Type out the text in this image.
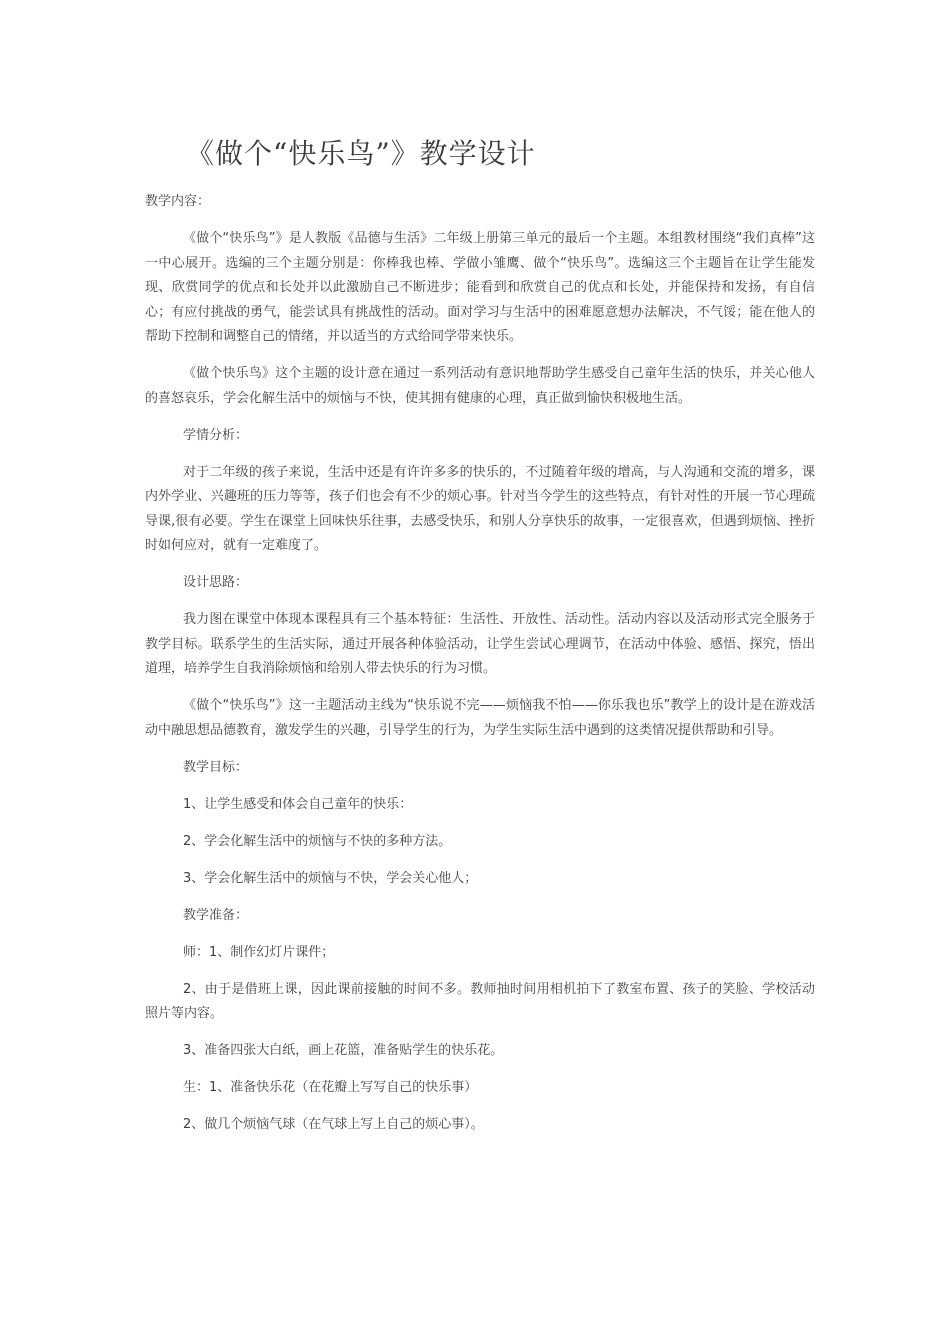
《做个“快乐鸟”》教学设计

教学内容：

《做个“快乐鸟”》是人教版《品德与生活》二年级上册第三单元的最后一个主题。本组教材围绕“我们真棒”这一中心展开。选编的三个主题分别是：你棒我也棒、学做小雏鹰、做个“快乐鸟”。选编这三个主题旨在让学生能发现、欣赏同学的优点和长处并以此激励自己不断进步；能看到和欣赏自己的优点和长处，并能保持和发扬，有自信心；有应付挑战的勇气，能尝试具有挑战性的活动。面对学习与生活中的困难愿意想办法解决，不气馁；能在他人的帮助下控制和调整自己的情绪，并以适当的方式给同学带来快乐。

《做个快乐鸟》这个主题的设计意在通过一系列活动有意识地帮助学生感受自己童年生活的快乐，并关心他人的喜怒哀乐，学会化解生活中的烦恼与不快，使其拥有健康的心理，真正做到愉快积极地生活。

学情分析：

对于二年级的孩子来说，生活中还是有许许多多的快乐的，不过随着年级的增高，与人沟通和交流的增多，课内外学业、兴趣班的压力等等，孩子们也会有不少的烦心事。针对当今学生的这些特点，有针对性的开展一节心理疏导课,很有必要。学生在课堂上回味快乐往事，去感受快乐，和别人分享快乐的故事，一定很喜欢，但遇到烦恼、挫折时如何应对，就有一定难度了。

设计思路：

我力图在课堂中体现本课程具有三个基本特征：生活性、开放性、活动性。活动内容以及活动形式完全服务于教学目标。联系学生的生活实际，通过开展各种体验活动，让学生尝试心理调节，在活动中体验、感悟、探究，悟出道理，培养学生自我消除烦恼和给别人带去快乐的行为习惯。

《做个“快乐鸟”》这一主题活动主线为“快乐说不完——烦恼我不怕——你乐我也乐”教学上的设计是在游戏活动中融思想品德教育，激发学生的兴趣，引导学生的行为，为学生实际生活中遇到的这类情况提供帮助和引导。

教学目标：

1、让学生感受和体会自己童年的快乐：

2、学会化解生活中的烦恼与不快的多种方法。

3、学会化解生活中的烦恼与不快，学会关心他人；

教学准备：

师：1、制作幻灯片课件；

2、由于是借班上课，因此课前接触的时间不多。教师抽时间用相机拍下了教室布置、孩子的笑脸、学校活动照片等内容。

3、准备四张大白纸，画上花篮，准备贴学生的快乐花。

生：1、准备快乐花（在花瓣上写写自己的快乐事）

2、做几个烦恼气球（在气球上写上自己的烦心事）。
